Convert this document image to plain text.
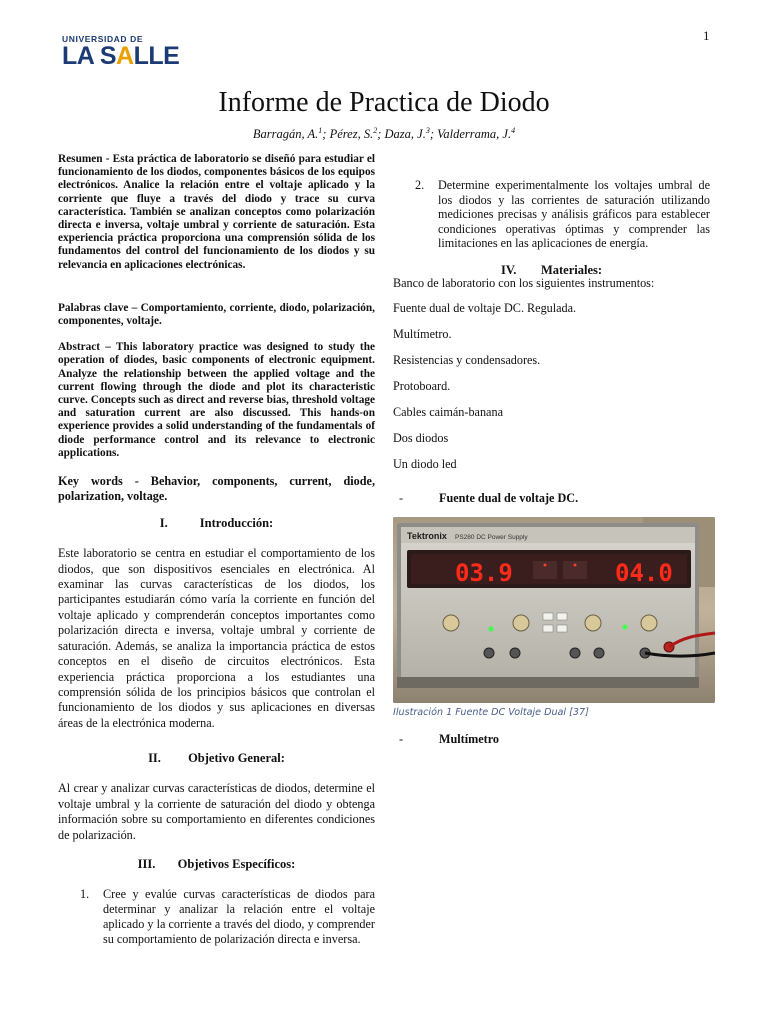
1
UNIVERSIDAD DE
LA SALLE
Informe de Practica de Diodo
Barragán, A.$^1$; Pérez, S.$^2$; Daza, J.$^3$; Valderrama, J.$^4$

Resumen - Esta práctica de laboratorio se diseñó para estudiar el funcionamiento de los diodos, componentes básicos de los equipos electrónicos. Analice la relación entre el voltaje aplicado y la corriente que fluye a través del diodo y trace su curva característica. También se analizan conceptos como polarización directa e inversa, voltaje umbral y corriente de saturación. Esta experiencia práctica proporciona una comprensión sólida de los fundamentos del control del funcionamiento de los diodos y su relevancia en aplicaciones electrónicas.

Palabras clave – Comportamiento, corriente, diodo, polarización, componentes, voltaje.

Abstract – This laboratory practice was designed to study the operation of diodes, basic components of electronic equipment. Analyze the relationship between the applied voltage and the current flowing through the diode and plot its characteristic curve. Concepts such as direct and reverse bias, threshold voltage and saturation current are also discussed. This hands-on experience provides a solid understanding of the fundamentals of diode performance control and its relevance to electronic applications.

Key words - Behavior, components, current, diode, polarization, voltage.

I.	Introducción:

Este laboratorio se centra en estudiar el comportamiento de los diodos, que son dispositivos esenciales en electrónica. Al examinar las curvas características de los diodos, los participantes estudiarán cómo varía la corriente en función del voltaje aplicado y comprenderán conceptos importantes como polarización directa e inversa, voltaje umbral y corriente de saturación. Además, se analiza la importancia práctica de estos conceptos en el diseño de circuitos electrónicos. Esta experiencia práctica proporciona a los estudiantes una comprensión sólida de los principios básicos que controlan el funcionamiento de los diodos y sus aplicaciones en diversas áreas de la electrónica moderna.

II. Objetivo General:

Al crear y analizar curvas características de diodos, determine el voltaje umbral y la corriente de saturación del diodo y obtenga información sobre su comportamiento en diferentes condiciones de polarización.

III. Objetivos Específicos:
1. Cree y evalúe curvas características de diodos para determinar y analizar la relación entre el voltaje aplicado y la corriente a través del diodo, y comprender su comportamiento de polarización directa e inversa.
2. Determine experimentalmente los voltajes umbral de los diodos y las corrientes de saturación utilizando mediciones precisas y análisis gráficos para establecer condiciones operativas óptimas y comprender las limitaciones en las aplicaciones de energía.
IV. Materiales:

Banco de laboratorio con los siguientes instrumentos:

Fuente dual de voltaje DC. Regulada.

Multímetro.

Resistencias y condensadores.

Protoboard.

Cables caimán-banana

Dos diodos

Un diodo led

-	Fuente dual de voltaje DC.
Tektronix PS280 DC Power Supply
03.9	04.0
Ilustración 1 Fuente DC Voltaje Dual [37]
-	Multímetro
